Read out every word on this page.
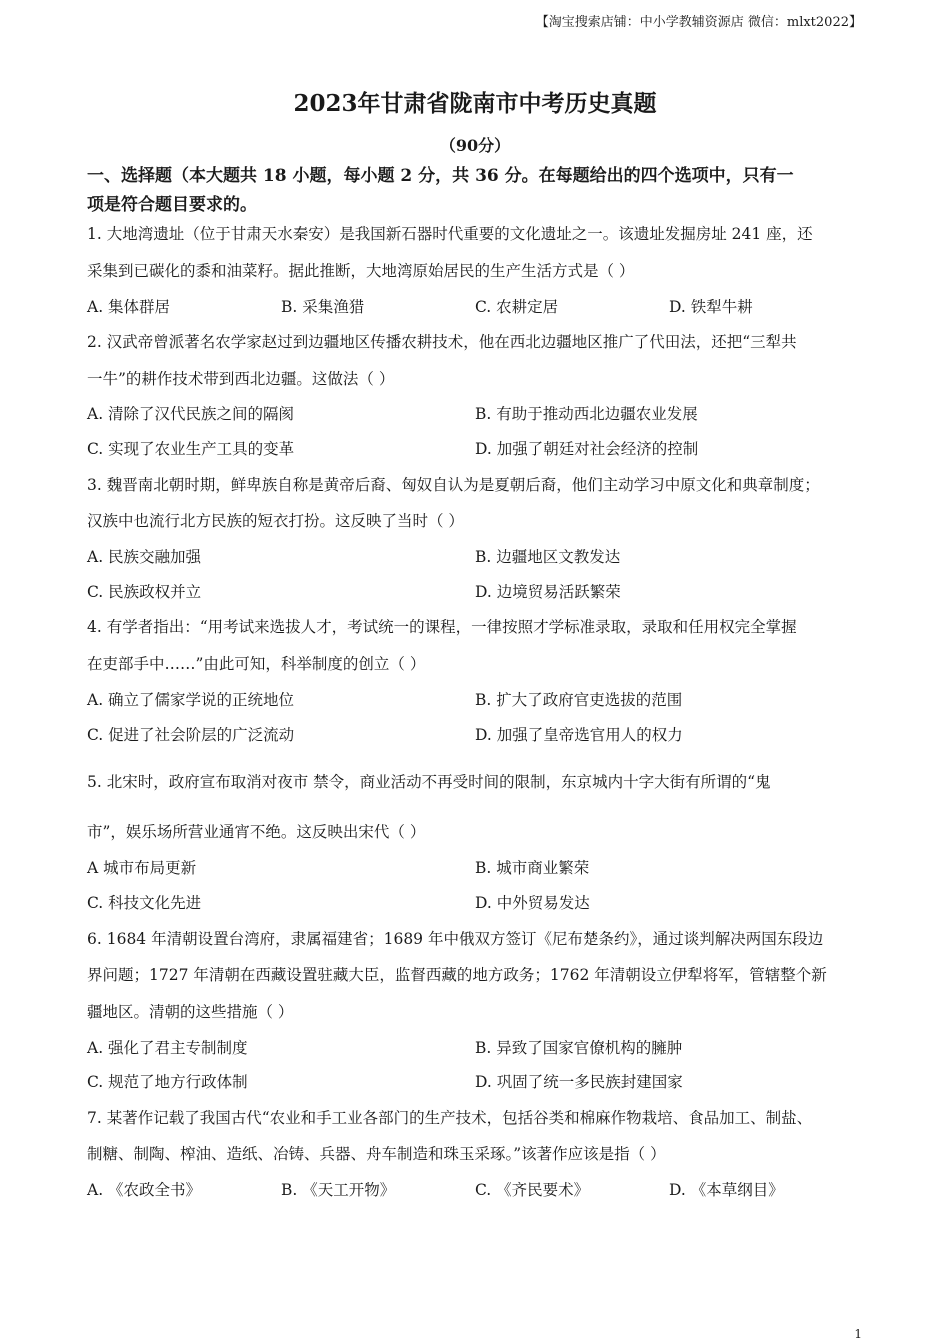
【淘宝搜索店铺：中小学教辅资源店 微信：mlxt2022】
2023年甘肃省陇南市中考历史真题
（90分）
一、选择题（本大题共 18 小题，每小题 2 分，共 36 分。在每题给出的四个选项中，只有一
项是符合题目要求的。
1. 大地湾遗址（位于甘肃天水秦安）是我国新石器时代重要的文化遗址之一。该遗址发掘房址 241 座，还
采集到已碳化的黍和油菜籽。据此推断，大地湾原始居民的生产生活方式是（ ）
A. 集体群居	B. 采集渔猎	C. 农耕定居	D. 铁犁牛耕
2. 汉武帝曾派著名农学家赵过到边疆地区传播农耕技术，他在西北边疆地区推广了代田法，还把“三犁共
一牛”的耕作技术带到西北边疆。这做法（ ）
A. 清除了汉代民族之间的隔阂	B. 有助于推动西北边疆农业发展
C. 实现了农业生产工具的变革	D. 加强了朝廷对社会经济的控制
3. 魏晋南北朝时期，鲜卑族自称是黄帝后裔、匈奴自认为是夏朝后裔，他们主动学习中原文化和典章制度；
汉族中也流行北方民族的短衣打扮。这反映了当时（ ）
A. 民族交融加强	B. 边疆地区文教发达
C. 民族政权并立	D. 边境贸易活跃繁荣
4. 有学者指出：“用考试来选拔人才，考试统一的课程，一律按照才学标准录取，录取和任用权完全掌握
在吏部手中……”由此可知，科举制度的创立（ ）
A. 确立了儒家学说的正统地位	B. 扩大了政府官吏选拔的范围
C. 促进了社会阶层的广泛流动	D. 加强了皇帝选官用人的权力
5. 北宋时，政府宣布取消对夜市 禁令，商业活动不再受时间的限制，东京城内十字大街有所谓的“鬼
市”，娱乐场所营业通宵不绝。这反映出宋代（ ）
A 城市布局更新	B. 城市商业繁荣
C. 科技文化先进	D. 中外贸易发达
6. 1684 年清朝设置台湾府，隶属福建省；1689 年中俄双方签订《尼布楚条约》，通过谈判解决两国东段边
界问题；1727 年清朝在西藏设置驻藏大臣，监督西藏的地方政务；1762 年清朝设立伊犁将军，管辖整个新
疆地区。清朝的这些措施（ ）
A. 强化了君主专制制度	B. 异致了国家官僚机构的臃肿
C. 规范了地方行政体制	D. 巩固了统一多民族封建国家
7. 某著作记载了我国古代“农业和手工业各部门的生产技术，包括谷类和棉麻作物栽培、食品加工、制盐、
制糖、制陶、榨油、造纸、冶铸、兵器、舟车制造和珠玉采琢。”该著作应该是指（ ）
A. 《农政全书》	B. 《天工开物》	C. 《齐民要术》	D. 《本草纲目》
1
